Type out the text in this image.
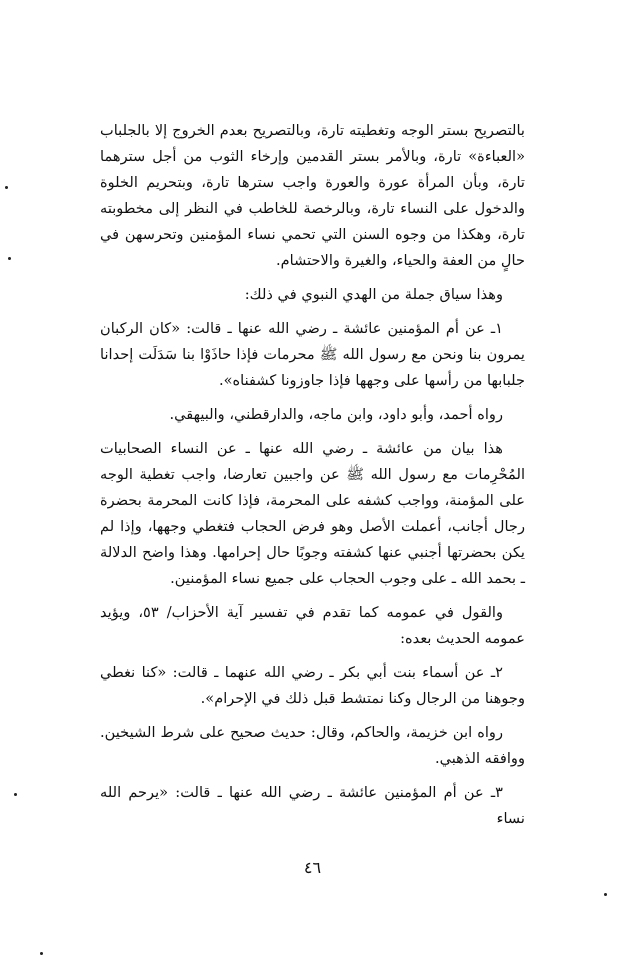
بالتصريح بستر الوجه وتغطيته تارة، وبالتصريح بعدم الخروج إلا بالجلباب «العباءة» تارة، وبالأمر بستر القدمين وإرخاء الثوب من أجل سترهما تارة، وبأن المرأة عورة والعورة واجب سترها تارة، وبتحريم الخلوة والدخول على النساء تارة، وبالرخصة للخاطب في النظر إلى مخطوبته تارة، وهكذا من وجوه السنن التي تحمي نساء المؤمنين وتحرسهن في حالٍ من العفة والحياء، والغيرة والاحتشام.

وهذا سياق جملة من الهدي النبوي في ذلك:

١ـ عن أم المؤمنين عائشة ـ رضي الله عنها ـ قالت: «كان الركبان يمرون بنا ونحن مع رسول الله ﷺ محرمات فإذا حاذَوْا بنا سَدَلَت إحدانا جلبابها من رأسها على وجهها فإذا جاوزونا كشفناه».

رواه أحمد، وأبو داود، وابن ماجه، والدارقطني، والبيهقي.

هذا بيان من عائشة ـ رضي الله عنها ـ عن النساء الصحابيات المُحْرِمات مع رسول الله ﷺ عن واجبين تعارضا، واجب تغطية الوجه على المؤمنة، وواجب كشفه على المحرمة، فإذا كانت المحرمة بحضرة رجال أجانب، أعملت الأصل وهو فرض الحجاب فتغطي وجهها، وإذا لم يكن بحضرتها أجنبي عنها كشفته وجوبًا حال إحرامها. وهذا واضح الدلالة ـ بحمد الله ـ على وجوب الحجاب على جميع نساء المؤمنين.

والقول في عمومه كما تقدم في تفسير آية الأحزاب/ ٥٣، ويؤيد عمومه الحديث بعده:

٢ـ عن أسماء بنت أبي بكر ـ رضي الله عنهما ـ قالت: «كنا نغطي وجوهنا من الرجال وكنا نمتشط قبل ذلك في الإحرام».

رواه ابن خزيمة، والحاكم، وقال: حديث صحيح على شرط الشيخين. ووافقه الذهبي.

٣ـ عن أم المؤمنين عائشة ـ رضي الله عنها ـ قالت: «يرحم الله نساء

٤٦
